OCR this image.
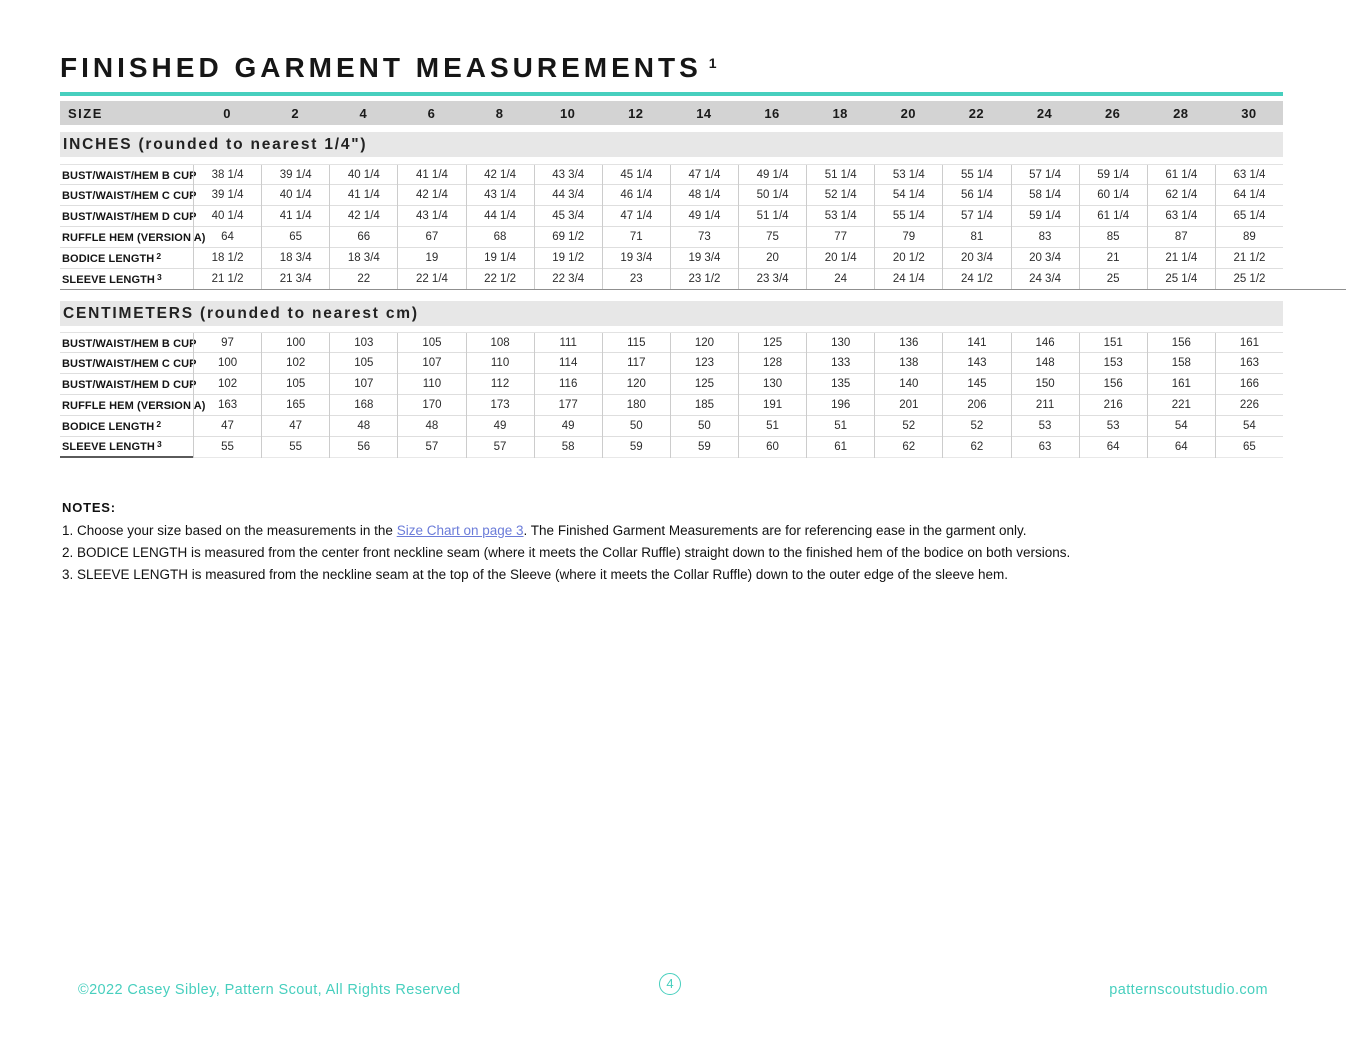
FINISHED GARMENT MEASUREMENTS $^1$
SIZE	0	2	4	6	8	10	12	14	16	18	20	22	24	26	28	30
INCHES (rounded to nearest 1/4")
BUST/WAIST/HEM B CUP	38 1/4	39 1/4	40 1/4	41 1/4	42 1/4	43 3/4	45 1/4	47 1/4	49 1/4	51 1/4	53 1/4	55 1/4	57 1/4	59 1/4	61 1/4	63 1/4
BUST/WAIST/HEM C CUP	39 1/4	40 1/4	41 1/4	42 1/4	43 1/4	44 3/4	46 1/4	48 1/4	50 1/4	52 1/4	54 1/4	56 1/4	58 1/4	60 1/4	62 1/4	64 1/4
BUST/WAIST/HEM D CUP	40 1/4	41 1/4	42 1/4	43 1/4	44 1/4	45 3/4	47 1/4	49 1/4	51 1/4	53 1/4	55 1/4	57 1/4	59 1/4	61 1/4	63 1/4	65 1/4
RUFFLE HEM (VERSION A)	64	65	66	67	68	69 1/2	71	73	75	77	79	81	83	85	87	89
BODICE LENGTH$^2$	18 1/2	18 3/4	18 3/4	19	19 1/4	19 1/2	19 3/4	19 3/4	20	20 1/4	20 1/2	20 3/4	20 3/4	21	21 1/4	21 1/2
SLEEVE LENGTH$^3$	21 1/2	21 3/4	22	22 1/4	22 1/2	22 3/4	23	23 1/2	23 3/4	24	24 1/4	24 1/2	24 3/4	25	25 1/4	25 1/2
CENTIMETERS (rounded to nearest cm)
BUST/WAIST/HEM B CUP	97	100	103	105	108	111	115	120	125	130	136	141	146	151	156	161
BUST/WAIST/HEM C CUP	100	102	105	107	110	114	117	123	128	133	138	143	148	153	158	163
BUST/WAIST/HEM D CUP	102	105	107	110	112	116	120	125	130	135	140	145	150	156	161	166
RUFFLE HEM (VERSION A)	163	165	168	170	173	177	180	185	191	196	201	206	211	216	221	226
BODICE LENGTH$^2$	47	47	48	48	49	49	50	50	51	51	52	52	53	53	54	54
SLEEVE LENGTH$^3$	55	55	56	57	57	58	59	59	60	61	62	62	63	64	64	65
NOTES:
1. Choose your size based on the measurements in the Size Chart on page 3. The Finished Garment Measurements are for referencing ease in the garment only.
2. BODICE LENGTH is measured from the center front neckline seam (where it meets the Collar Ruffle) straight down to the finished hem of the bodice on both versions.
3. SLEEVE LENGTH is measured from the neckline seam at the top of the Sleeve (where it meets the Collar Ruffle) down to the outer edge of the sleeve hem.
©2022 Casey Sibley, Pattern Scout, All Rights Reserved	4	patternscoutstudio.com
